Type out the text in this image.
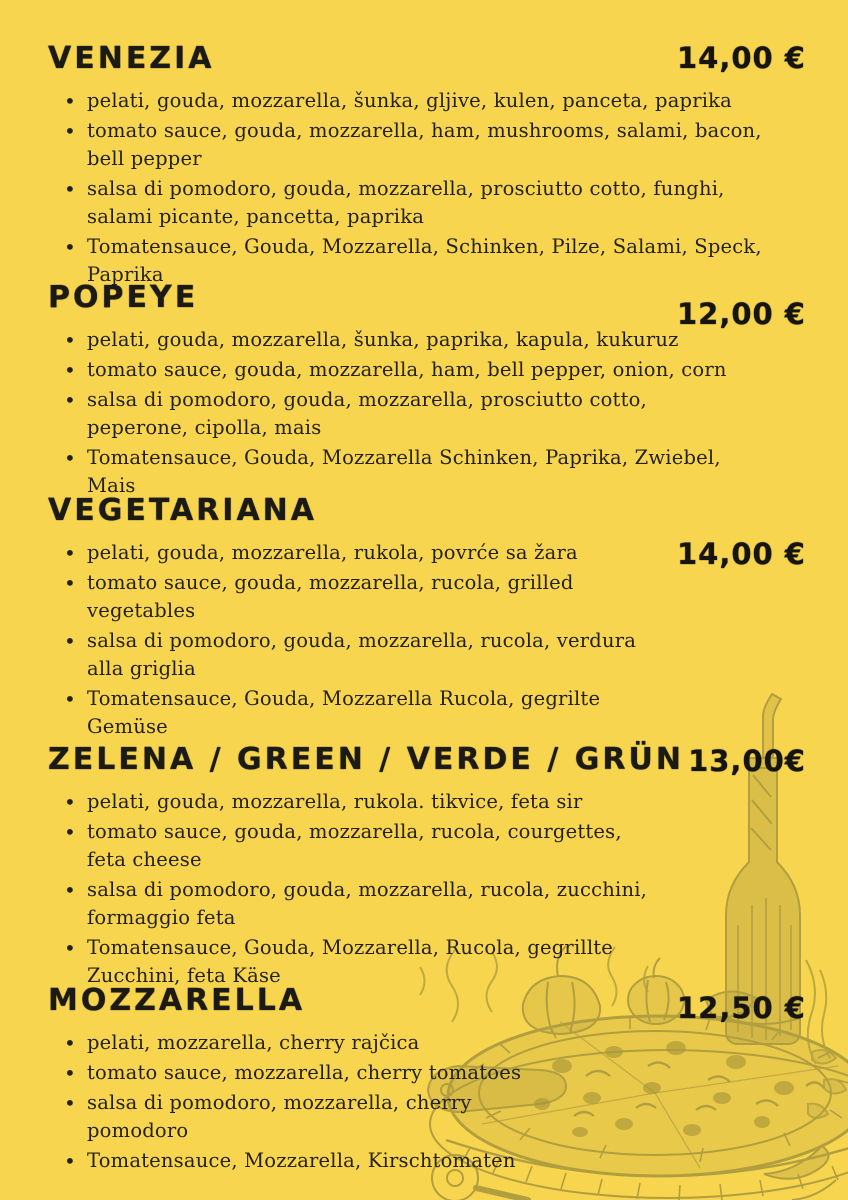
VENEZIA	14,00 €
• pelati, gouda, mozzarella, šunka, gljive, kulen, panceta, paprika
• tomato sauce, gouda, mozzarella, ham, mushrooms, salami, bacon,
bell pepper
• salsa di pomodoro, gouda, mozzarella, prosciutto cotto, funghi,
salami picante, pancetta, paprika
• Tomatensauce, Gouda, Mozzarella, Schinken, Pilze, Salami, Speck,
Paprika
POPEYE	12,00 €
• pelati, gouda, mozzarella, šunka, paprika, kapula, kukuruz
• tomato sauce, gouda, mozzarella, ham, bell pepper, onion, corn
• salsa di pomodoro, gouda, mozzarella, prosciutto cotto,
peperone, cipolla, mais
• Tomatensauce, Gouda, Mozzarella Schinken, Paprika, Zwiebel,
Mais
VEGETARIANA
14,00 €
• pelati, gouda, mozzarella, rukola, povrće sa žara
• tomato sauce, gouda, mozzarella, rucola, grilled
vegetables
• salsa di pomodoro, gouda, mozzarella, rucola, verdura
alla griglia
• Tomatensauce, Gouda, Mozzarella Rucola, gegrilte
Gemüse
ZELENA / GREEN / VERDE / GRÜN 13,00€
• pelati, gouda, mozzarella, rukola. tikvice, feta sir
• tomato sauce, gouda, mozzarella, rucola, courgettes,
feta cheese
• salsa di pomodoro, gouda, mozzarella, rucola, zucchini,
formaggio feta
• Tomatensauce, Gouda, Mozzarella, Rucola, gegrillte
Zucchini, feta Käse
MOZZARELLA	12,50 €
• pelati, mozzarella, cherry rajčica
• tomato sauce, mozzarella, cherry tomatoes
• salsa di pomodoro, mozzarella, cherry
pomodoro
• Tomatensauce, Mozzarella, Kirschtomaten
